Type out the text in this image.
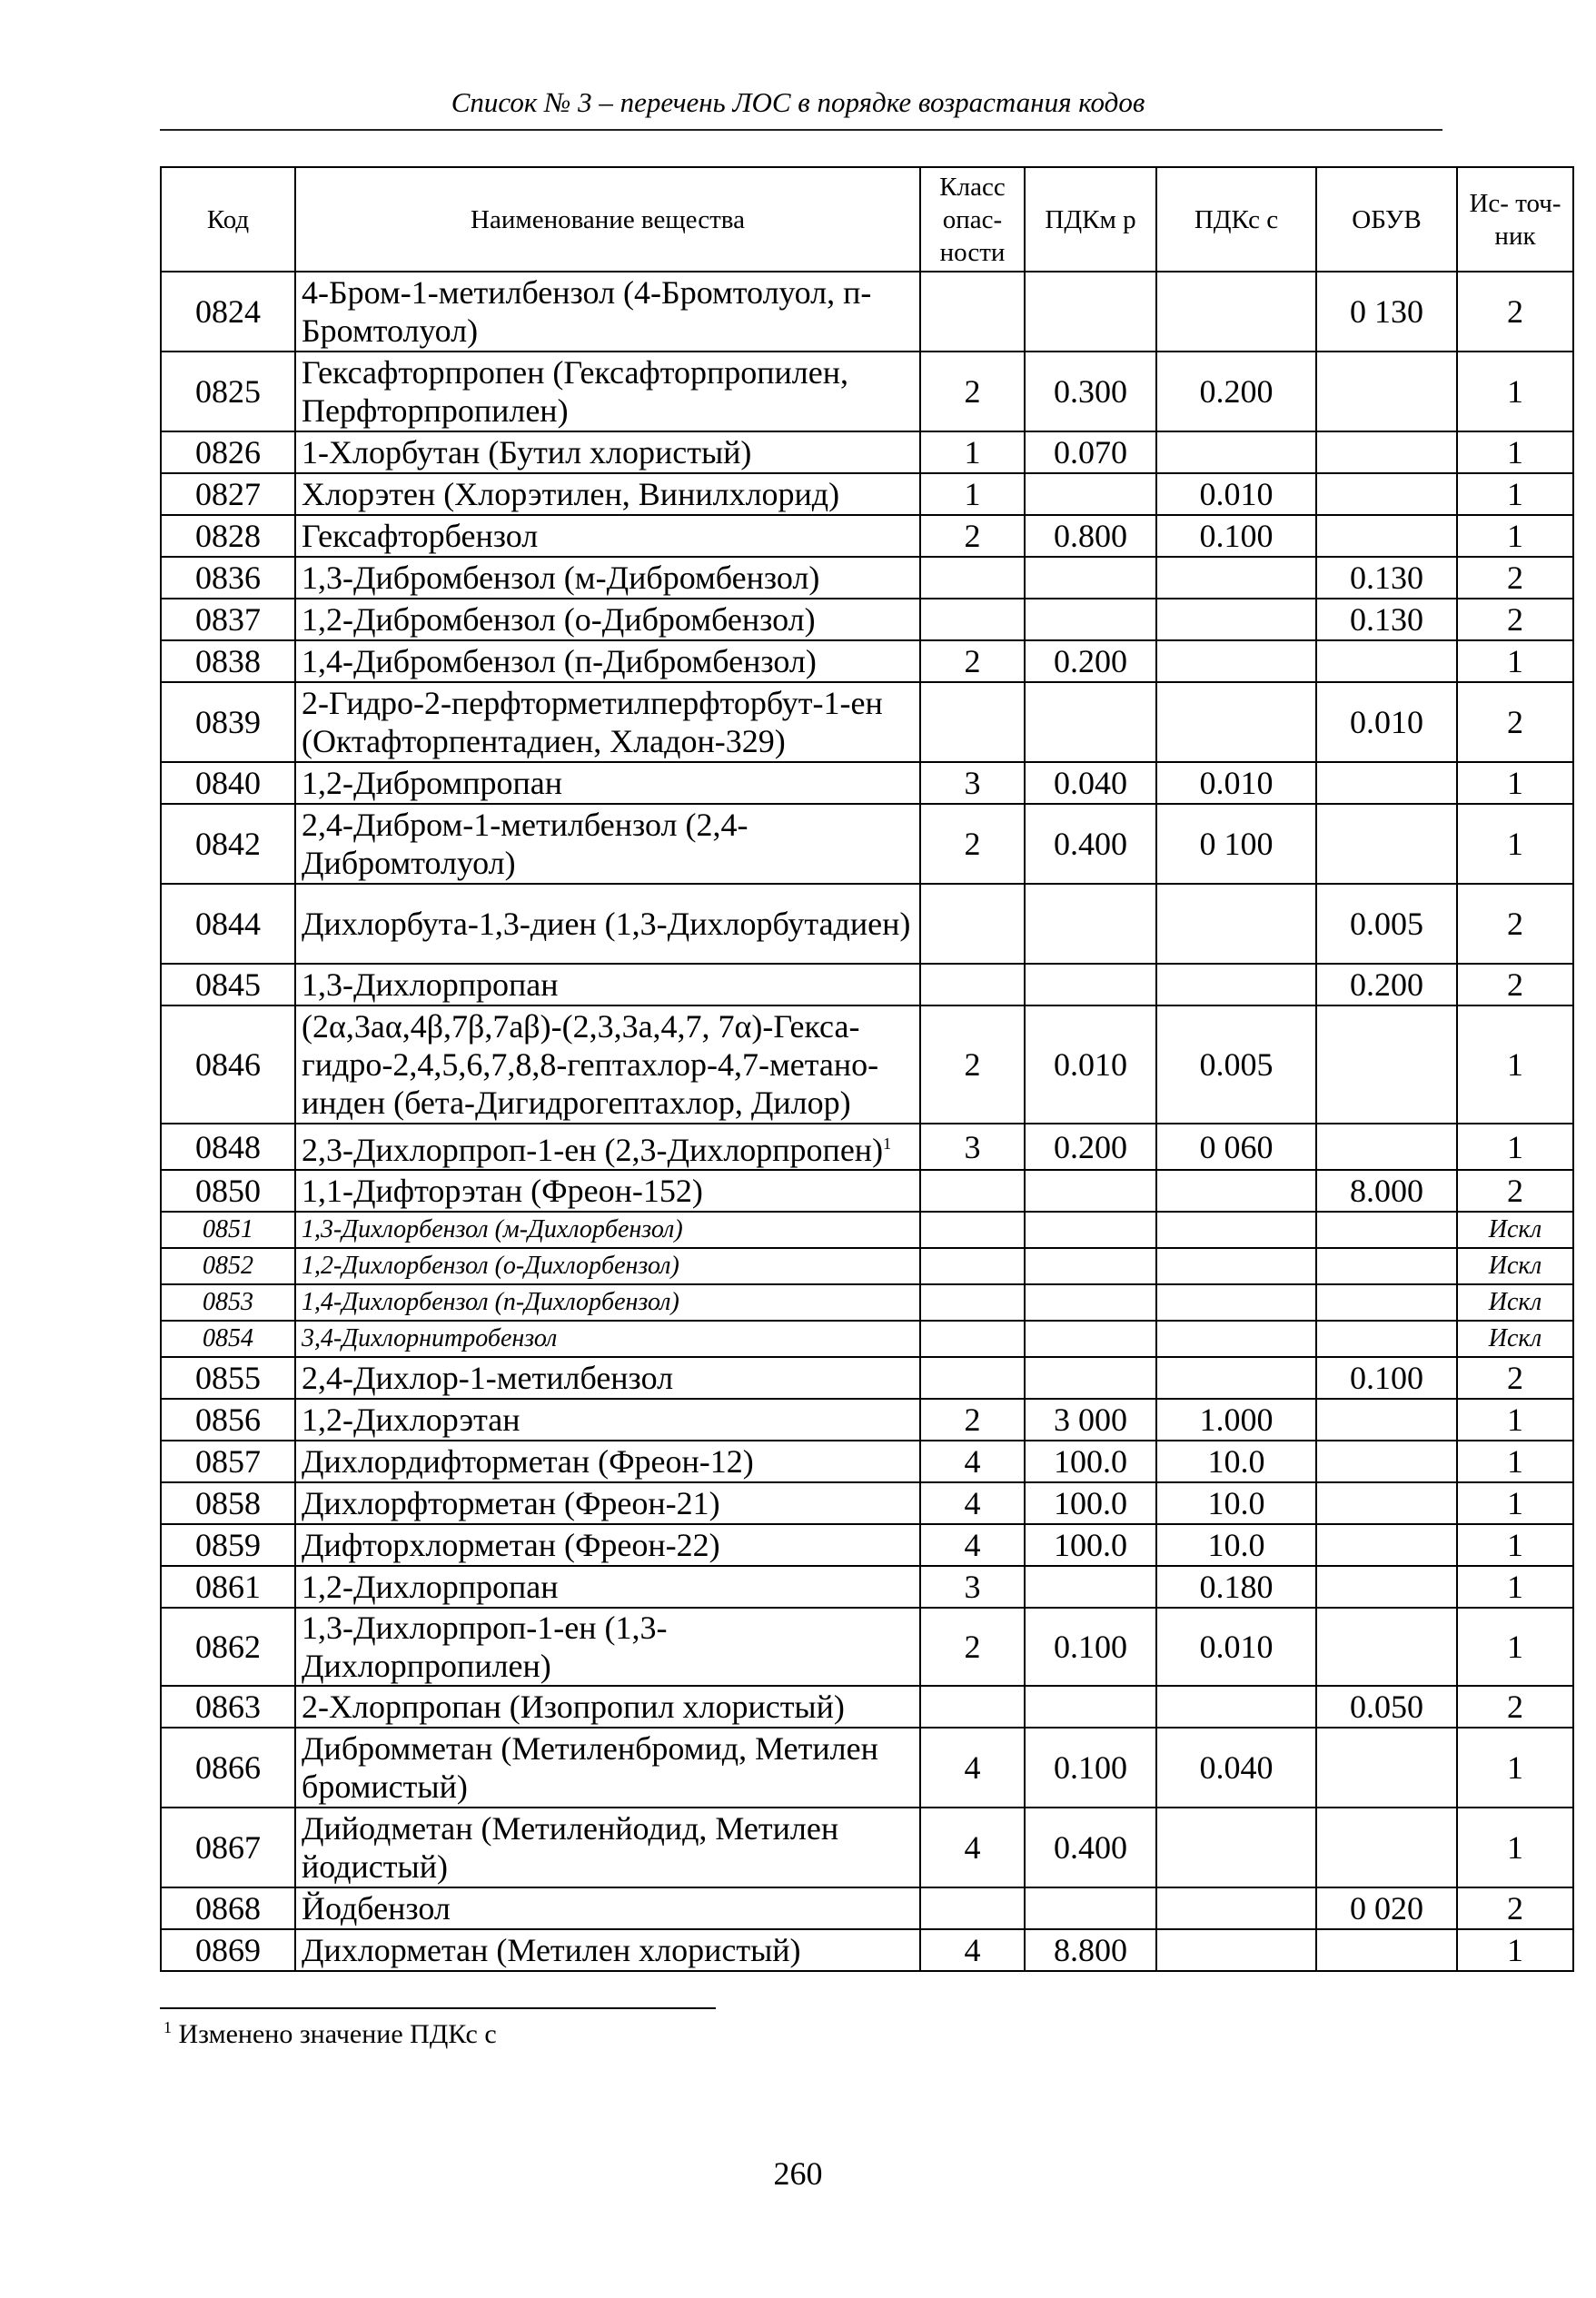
Список № 3 – перечень ЛОС в порядке возрастания кодов
Код	Наименование вещества	Класс опас- ности	ПДКм р	ПДКс с	ОБУВ	Ис- точ- ник
0824	4-Бром-1-метилбензол (4-Бромтолуол, п-Бромтолуол)				0 130	2
0825	Гексафторпропен (Гексафторпропилен, Перфторпропилен)	2	0.300	0.200		1
0826	1-Хлорбутан (Бутил хлористый)	1	0.070			1
0827	Хлорэтен (Хлорэтилен, Винилхлорид)	1		0.010		1
0828	Гексафторбензол	2	0.800	0.100		1
0836	1,3-Дибромбензол (м-Дибромбензол)				0.130	2
0837	1,2-Дибромбензол (о-Дибромбензол)				0.130	2
0838	1,4-Дибромбензол (п-Дибромбензол)	2	0.200			1
0839	2-Гидро-2-перфторметилперфторбут-1-ен (Октафторпентадиен, Хладон-329)				0.010	2
0840	1,2-Дибромпропан	3	0.040	0.010		1
0842	2,4-Дибром-1-метилбензол (2,4-Дибромтолуол)	2	0.400	0 100		1
0844	Дихлорбута-1,3-диен (1,3-Дихлорбутадиен)				0.005	2
0845	1,3-Дихлорпропан				0.200	2
0846	(2α,3aα,4β,7β,7aβ)-(2,3,3a,4,7, 7α)-Гекса-гидро-2,4,5,6,7,8,8-гептахлор-4,7-метано-инден (бета-Дигидрогептахлор, Дилор)	2	0.010	0.005		1
0848	2,3-Дихлорпроп-1-ен (2,3-Дихлорпропен)$^1$	3	0.200	0 060		1
0850	1,1-Дифторэтан (Фреон-152)				8.000	2
0851	1,3-Дихлорбензол (м-Дихлорбензол)					Искл
0852	1,2-Дихлорбензол (о-Дихлорбензол)					Искл
0853	1,4-Дихлорбензол (п-Дихлорбензол)					Искл
0854	3,4-Дихлорнитробензол					Искл
0855	2,4-Дихлор-1-метилбензол				0.100	2
0856	1,2-Дихлорэтан	2	3 000	1.000		1
0857	Дихлордифторметан (Фреон-12)	4	100.0	10.0		1
0858	Дихлорфторметан (Фреон-21)	4	100.0	10.0		1
0859	Дифторхлорметан (Фреон-22)	4	100.0	10.0		1
0861	1,2-Дихлорпропан	3		0.180		1
0862	1,3-Дихлорпроп-1-ен (1,3-Дихлорпропилен)	2	0.100	0.010		1
0863	2-Хлорпропан (Изопропил хлористый)				0.050	2
0866	Дибромметан (Метиленбромид, Метилен бромистый)	4	0.100	0.040		1
0867	Дийодметан (Метиленйодид, Метилен йодистый)	4	0.400			1
0868	Йодбензол				0 020	2
0869	Дихлорметан (Метилен хлористый)	4	8.800			1
$^1$ Изменено значение ПДКс с
260
